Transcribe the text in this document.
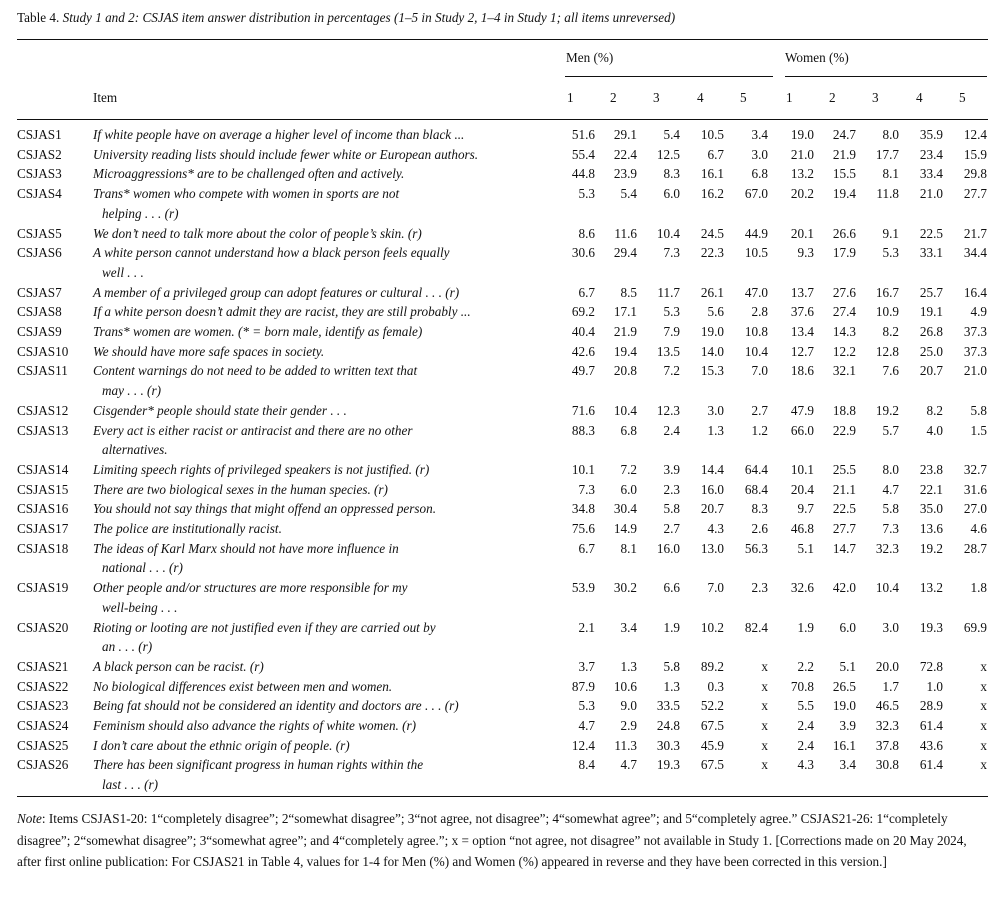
Table 4. Study 1 and 2: CSJAS item answer distribution in percentages (1–5 in Study 2, 1–4 in Study 1; all items unreversed)
Men (%)	Women (%)
Item	1	2	3	4	5	1	2	3	4	5
CSJAS1 If white people have on average a higher level of income than black ...	51.6 29.1 5.4 10.5 3.4 19.0 24.7 8.0 35.9 12.4
CSJAS2 University reading lists should include fewer white or European authors.	55.4 22.4 12.5 6.7 3.0 21.0 21.9 17.7 23.4 15.9
CSJAS3 Microaggressions* are to be challenged often and actively.	44.8 23.9 8.3 16.1 6.8 13.2 15.5 8.1 33.4 29.8
CSJAS4 Trans* women who compete with women in sports are not
helping . . . (r)
5.3 5.4 6.0 16.2 67.0 20.2 19.4 11.8 21.0 27.7
CSJAS5 We don’t need to talk more about the color of people’s skin. (r)	8.6 11.6 10.4 24.5 44.9 20.1 26.6 9.1 22.5 21.7
CSJAS6 A white person cannot understand how a black person feels equally
well . . .
30.6 29.4 7.3 22.3 10.5 9.3 17.9 5.3 33.1 34.4
CSJAS7 A member of a privileged group can adopt features or cultural . . . (r)	6.7 8.5 11.7 26.1 47.0 13.7 27.6 16.7 25.7 16.4
CSJAS8 If a white person doesn’t admit they are racist, they are still probably ...	69.2 17.1 5.3 5.6 2.8 37.6 27.4 10.9 19.1 4.9
CSJAS9 Trans* women are women. (* = born male, identify as female)	40.4 21.9 7.9 19.0 10.8 13.4 14.3 8.2 26.8 37.3
CSJAS10 We should have more safe spaces in society.	42.6 19.4 13.5 14.0 10.4 12.7 12.2 12.8 25.0 37.3
CSJAS11 Content warnings do not need to be added to written text that
may . . . (r)
49.7 20.8 7.2 15.3 7.0 18.6 32.1 7.6 20.7 21.0
CSJAS12 Cisgender* people should state their gender . . .	71.6 10.4 12.3 3.0 2.7 47.9 18.8 19.2 8.2 5.8
CSJAS13 Every act is either racist or antiracist and there are no other
alternatives.
88.3 6.8 2.4 1.3 1.2 66.0 22.9 5.7 4.0 1.5
CSJAS14 Limiting speech rights of privileged speakers is not justified. (r)	10.1 7.2 3.9 14.4 64.4 10.1 25.5 8.0 23.8 32.7
CSJAS15 There are two biological sexes in the human species. (r)	7.3 6.0 2.3 16.0 68.4 20.4 21.1 4.7 22.1 31.6
CSJAS16 You should not say things that might offend an oppressed person.	34.8 30.4 5.8 20.7 8.3 9.7 22.5 5.8 35.0 27.0
CSJAS17 The police are institutionally racist.	75.6 14.9 2.7 4.3 2.6 46.8 27.7 7.3 13.6 4.6
CSJAS18 The ideas of Karl Marx should not have more influence in
national . . . (r)
6.7 8.1 16.0 13.0 56.3 5.1 14.7 32.3 19.2 28.7
CSJAS19 Other people and/or structures are more responsible for my
well-being . . .
53.9 30.2 6.6 7.0 2.3 32.6 42.0 10.4 13.2 1.8
CSJAS20 Rioting or looting are not justified even if they are carried out by
an . . . (r)
2.1 3.4 1.9 10.2 82.4 1.9 6.0 3.0 19.3 69.9
CSJAS21 A black person can be racist. (r)	3.7 1.3 5.8 89.2	x 2.2 5.1 20.0 72.8	x
CSJAS22 No biological differences exist between men and women.	87.9 10.6 1.3 0.3	x 70.8 26.5 1.7 1.0	x
CSJAS23 Being fat should not be considered an identity and doctors are . . . (r)	5.3 9.0 33.5 52.2	x 5.5 19.0 46.5 28.9	x
CSJAS24 Feminism should also advance the rights of white women. (r)	4.7 2.9 24.8 67.5	x 2.4 3.9 32.3 61.4	x
CSJAS25 I don’t care about the ethnic origin of people. (r)	12.4 11.3 30.3 45.9	x 2.4 16.1 37.8 43.6	x
CSJAS26 There has been significant progress in human rights within the
last . . . (r)
8.4 4.7 19.3 67.5	x 4.3 3.4 30.8 61.4	x
Note: Items CSJAS1-20: 1“completely disagree”; 2“somewhat disagree”; 3“not agree, not disagree”; 4“somewhat agree”; and 5“completely agree.” CSJAS21-26: 1“completely disagree”; 2“somewhat disagree”; 3“somewhat agree”; and 4“completely agree.”; x = option “not agree, not disagree” not available in Study 1. [Corrections made on 20 May 2024, after first online publication: For CSJAS21 in Table 4, values for 1-4 for Men (%) and Women (%) appeared in reverse and they have been corrected in this version.]
